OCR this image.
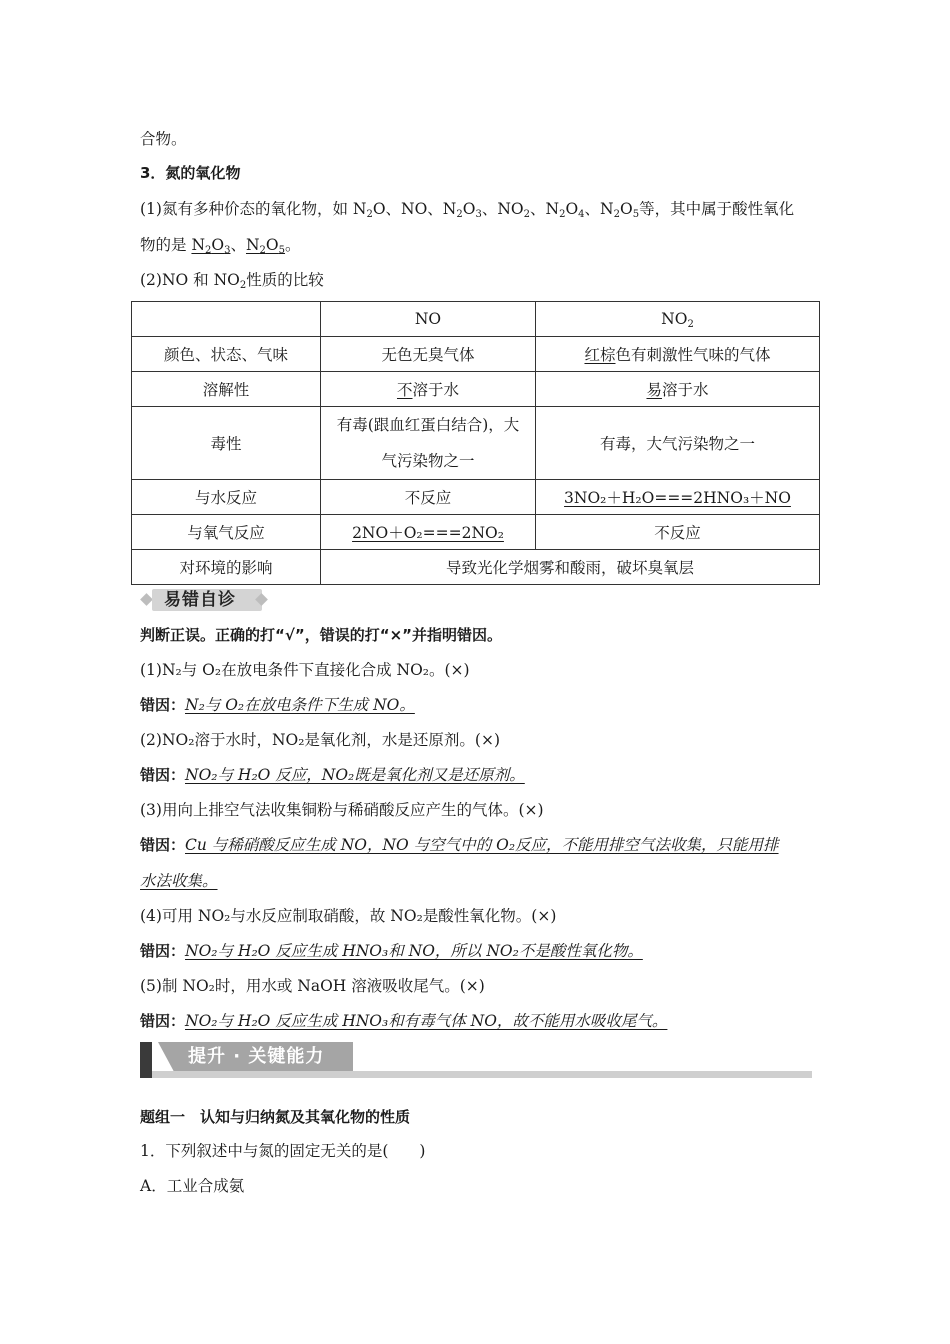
合物。
3．氮的氧化物
(1)氮有多种价态的氧化物，如 $N_2O$、NO、$N_2O_3$、$NO_2$、$N_2O_4$、$N_2O_5$等，其中属于酸性氧化
物的是 $N_2O_3$、$N_2O_5$。
(2)NO 和 $NO_2$性质的比较
	NO	$NO_2$
颜色、状态、气味	无色无臭气体	红棕色有刺激性气味的气体
溶解性	不溶于水	易溶于水
毒性	有毒(跟血红蛋白结合)，大气污染物之一	有毒，大气污染物之一
与水反应	不反应	3NO₂＋H₂O===2HNO₃＋NO
与氧气反应	2NO＋O₂===2NO₂	不反应
对环境的影响	导致光化学烟雾和酸雨，破坏臭氧层	
易错自诊
判断正误。正确的打“√”，错误的打“×”并指明错因。
(1)N₂与 O₂在放电条件下直接化合成 NO₂。(×)
错因：N₂与 O₂在放电条件下生成 NO。
(2)NO₂溶于水时，NO₂是氧化剂，水是还原剂。(×)
错因：NO₂与 H₂O 反应，NO₂既是氧化剂又是还原剂。
(3)用向上排空气法收集铜粉与稀硝酸反应产生的气体。(×)
错因：Cu 与稀硝酸反应生成 NO，NO 与空气中的 O₂反应，不能用排空气法收集，只能用排
水法收集。
(4)可用 NO₂与水反应制取硝酸，故 NO₂是酸性氧化物。(×)
错因：NO₂与 H₂O 反应生成 HNO₃和 NO，所以 NO₂不是酸性氧化物。
(5)制 NO₂时，用水或 NaOH 溶液吸收尾气。(×)
错因：NO₂与 H₂O 反应生成 HNO₃和有毒气体 NO，故不能用水吸收尾气。
提升 · 关键能力
题组一　认知与归纳氮及其氧化物的性质
1．下列叙述中与氮的固定无关的是(　　)
A．工业合成氨
